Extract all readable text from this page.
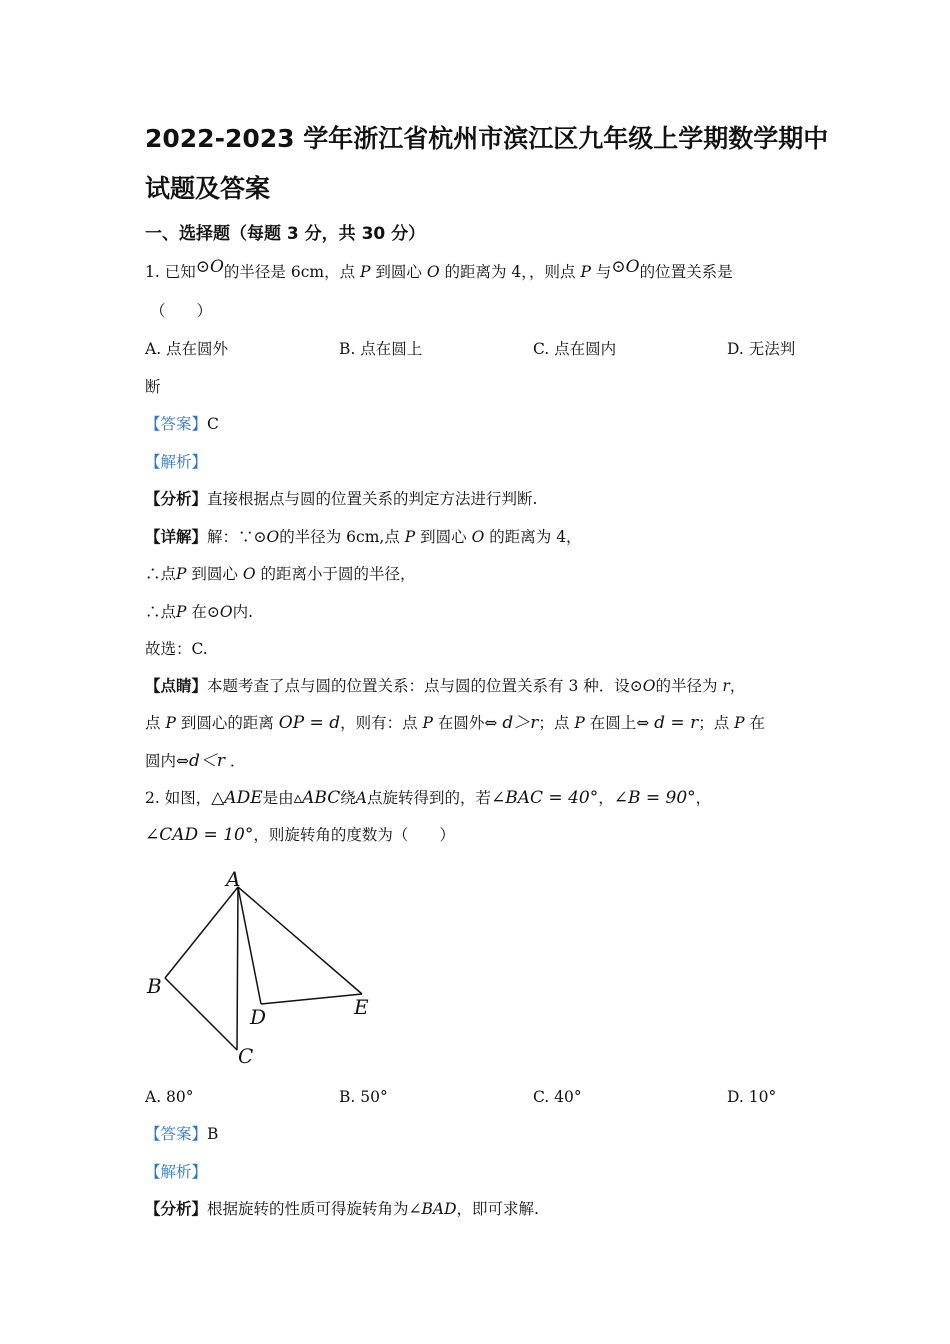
2022-2023 学年浙江省杭州市滨江区九年级上学期数学期中
试题及答案
一、选择题（每题 3 分，共 30 分）
1. 已知⊙O的半径是 6cm，点 P 到圆心 O 的距离为 4，，则点 P 与⊙O的位置关系是
（　　）
A. 点在圆外	B. 点在圆上	C. 点在圆内	D. 无法判
断
【答案】C
【解析】
【分析】直接根据点与圆的位置关系的判定方法进行判断.
【详解】解：∵⊙O的半径为 6cm,点 P 到圆心 O 的距离为 4，
∴点P 到圆心 O 的距离小于圆的半径，
∴点P 在⊙O内.
故选：C.
【点睛】本题考查了点与圆的位置关系：点与圆的位置关系有 3 种．设⊙O的半径为 r，
点 P 到圆心的距离 OP = d，则有：点 P 在圆外⇔ d＞r；点 P 在圆上⇔ d = r；点 P 在
圆内⇔d＜r ．
2. 如图，△ADE是由▵ABC绕A点旋转得到的，若∠BAC = 40°，∠B = 90°，
∠CAD = 10°，则旋转角的度数为（　　）
A
B
C
D	E
A. 80°	B. 50°	C. 40°	D. 10°
【答案】B
【解析】
【分析】根据旋转的性质可得旋转角为∠BAD，即可求解.
